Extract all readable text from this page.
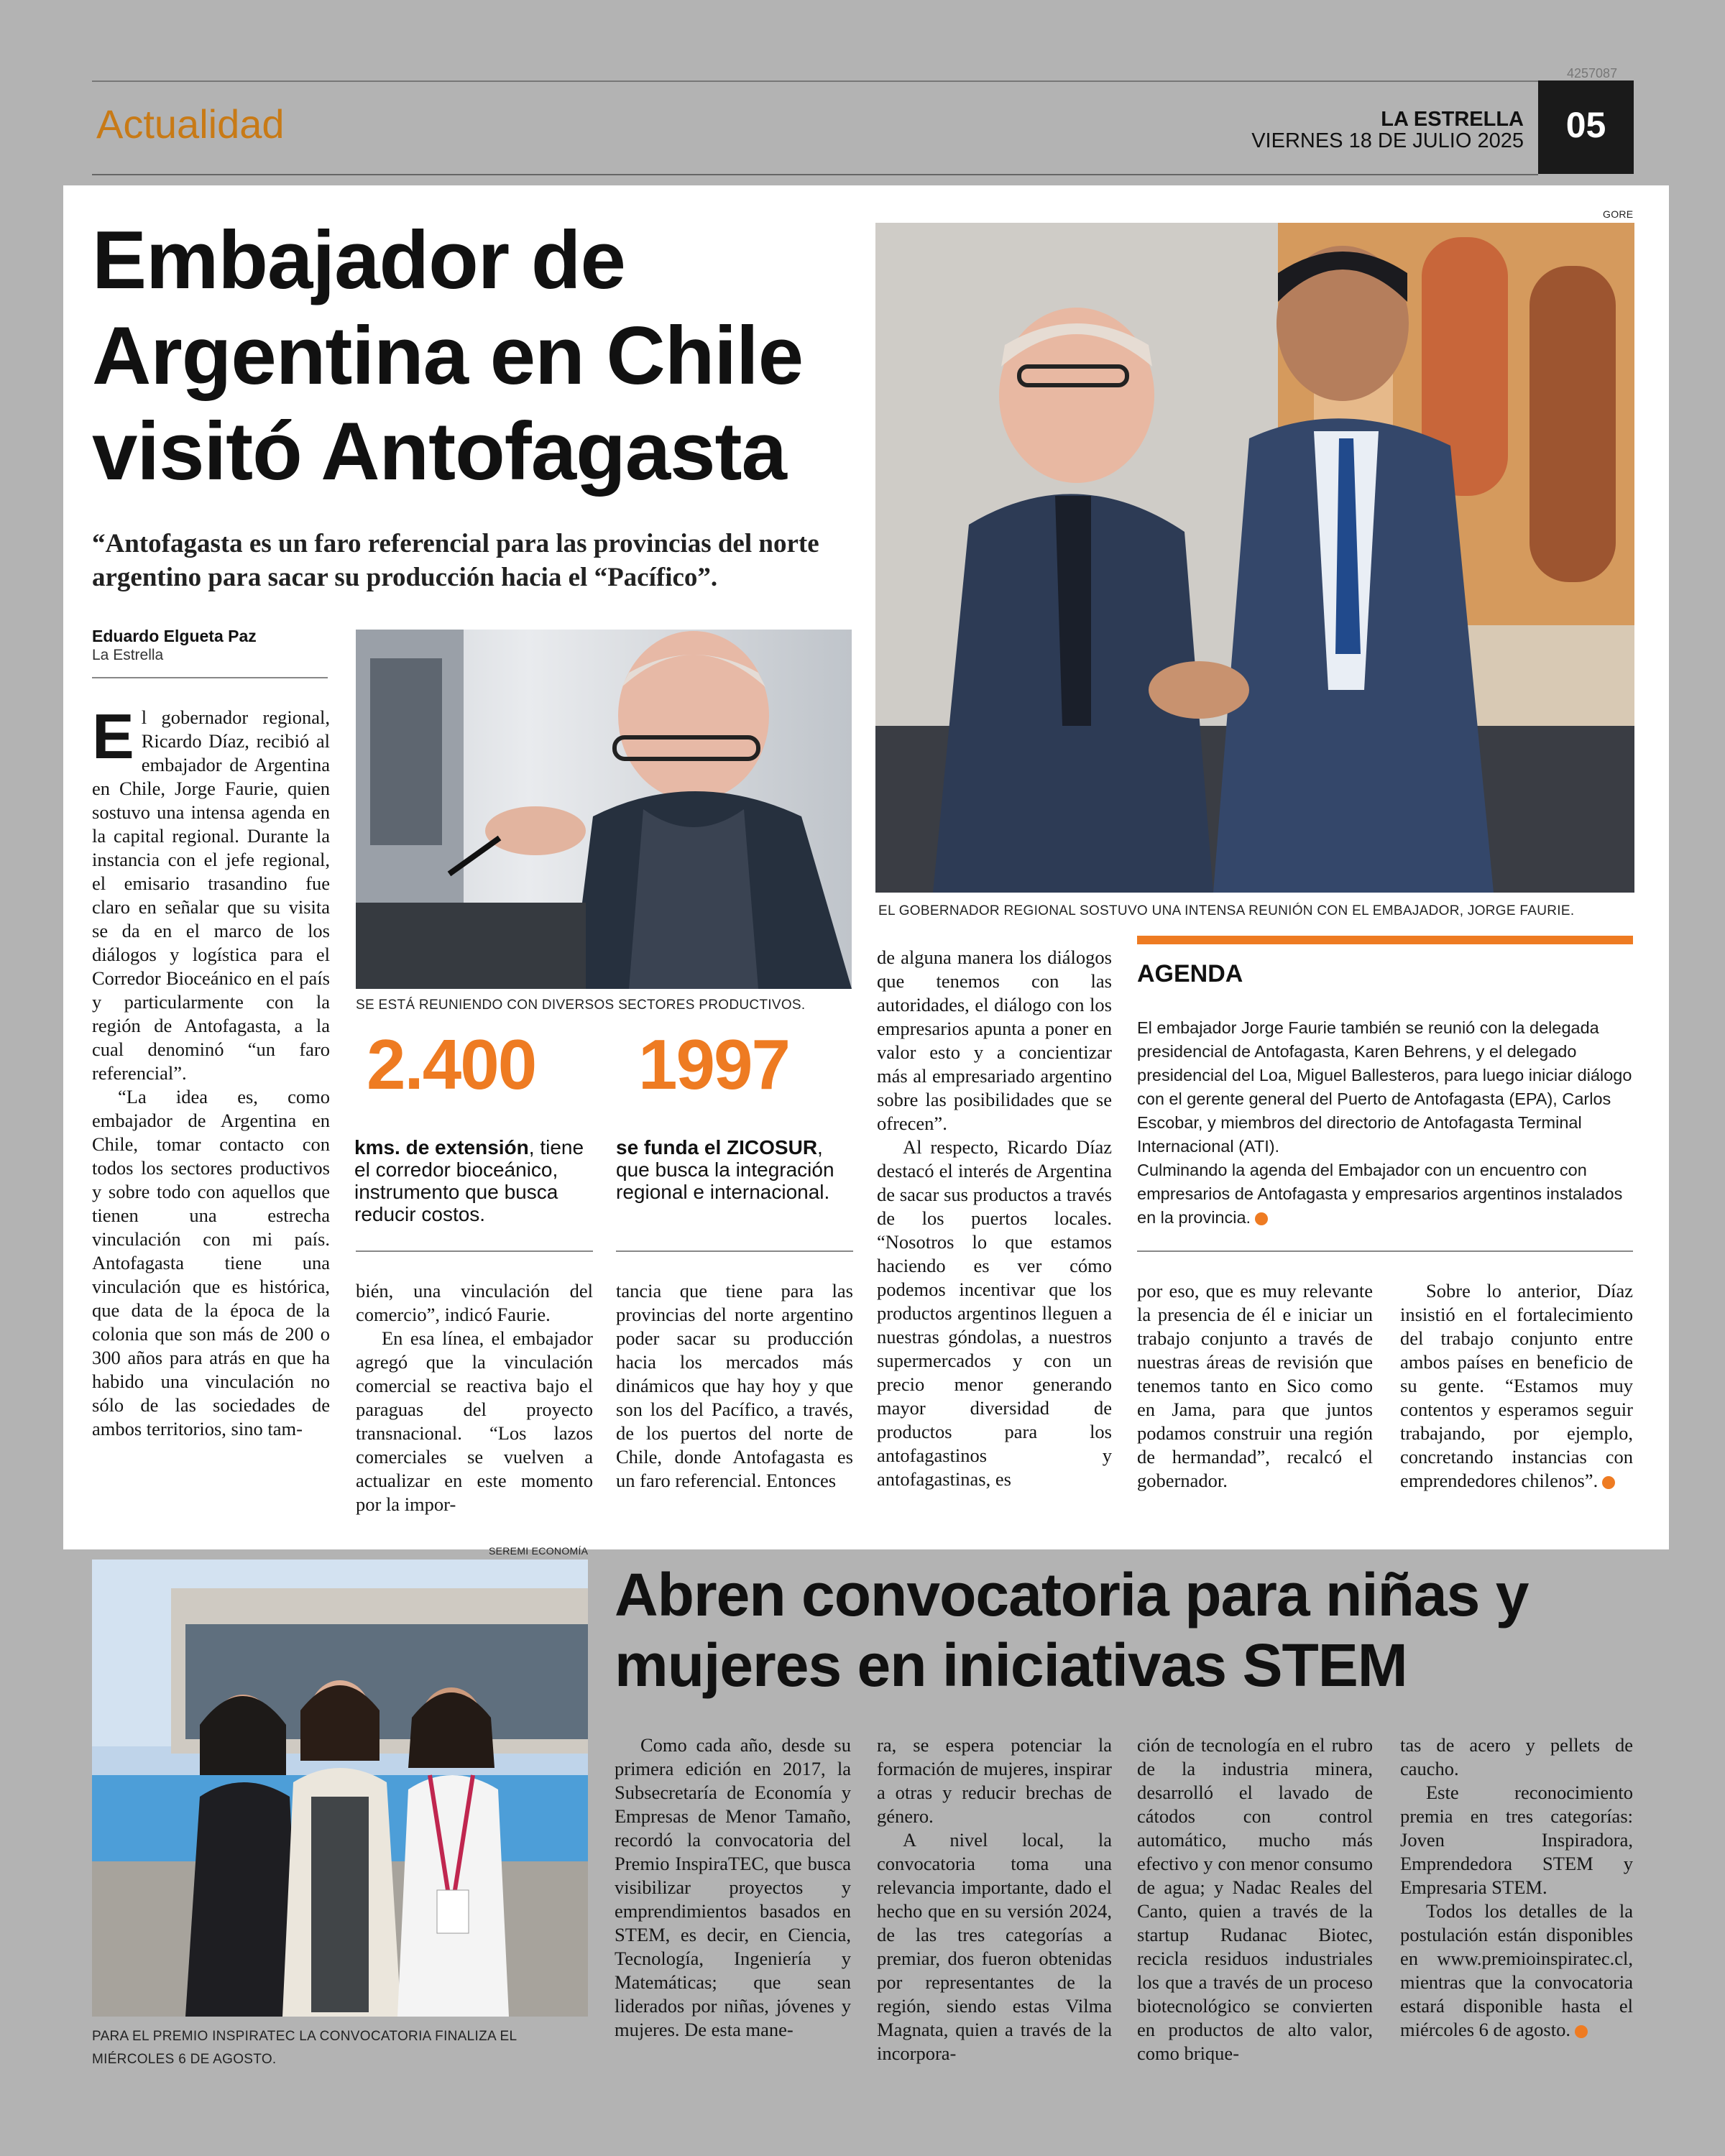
4257087
Actualidad	LA ESTRELLA
VIERNES 18 DE JULIO 2025	05
Embajador de
Argentina en Chile
visitó Antofagasta
“Antofagasta es un faro referencial para las provincias del norte argentino para sacar su producción hacia el “Pacífico”.
Eduardo Elgueta Paz
La Estrella
SE ESTÁ REUNIENDO CON DIVERSOS SECTORES PRODUCTIVOS.
GORE
EL GOBERNADOR REGIONAL SOSTUVO UNA INTENSA REUNIÓN CON EL EMBAJADOR, JORGE FAURIE.
2.400 1997
kms. de extensión, tiene el corredor bioceánico, instrumento que busca reducir costos.
se funda el ZICOSUR, que busca la integración regional e internacional.

El gobernador regional, Ricardo Díaz, recibió al embajador de Argentina en Chile, Jorge Faurie, quien sostuvo una intensa agenda en la capital regional. Durante la instancia con el jefe regional, el emisario trasandino fue claro en señalar que su visita se da en el marco de los diálogos y logística para el Corredor Bioceánico en el país y particularmente con la región de Antofagasta, a la cual denominó “un faro referencial”.

“La idea es, como embajador de Argentina en Chile, tomar contacto con todos los sectores productivos y sobre todo con aquellos que tienen una estrecha vinculación con mi país. Antofagasta tiene una vinculación que es histórica, que data de la época de la colonia que son más de 200 o 300 años para atrás en que ha habido una vinculación no sólo de las sociedades de ambos territorios, sino tam-

bién, una vinculación del comercio”, indicó Faurie.

En esa línea, el embajador agregó que la vinculación comercial se reactiva bajo el paraguas del proyecto transnacional. “Los lazos comerciales se vuelven a actualizar en este momento por la impor-

tancia que tiene para las provincias del norte argentino poder sacar su producción hacia los mercados más dinámicos que hay hoy y que son los del Pacífico, a través, de los puertos del norte de Chile, donde Antofagasta es un faro referencial. Entonces

de alguna manera los diálogos que tenemos con las autoridades, el diálogo con los empresarios apunta a poner en valor esto y a concientizar más al empresariado argentino sobre las posibilidades que se ofrecen”.

Al respecto, Ricardo Díaz destacó el interés de Argentina de sacar sus productos a través de los puertos locales. “Nosotros lo que estamos haciendo es ver cómo podemos incentivar que los productos argentinos lleguen a nuestras góndolas, a nuestros supermercados y con un precio menor generando mayor diversidad de productos para los antofagastinos y antofagastinas, es

AGENDA
El embajador Jorge Faurie también se reunió con la delegada presidencial de Antofagasta, Karen Behrens, y el delegado presidencial del Loa, Miguel Ballesteros, para luego iniciar diálogo con el gerente general del Puerto de Antofagasta (EPA), Carlos Escobar, y miembros del directorio de Antofagasta Terminal Internacional (ATI).
Culminando la agenda del Embajador con un encuentro con empresarios de Antofagasta y empresarios argentinos instalados en la provincia.

por eso, que es muy relevante la presencia de él e iniciar un trabajo conjunto a través de nuestras áreas de revisión que tenemos tanto en Sico como en Jama, para que juntos podamos construir una región de hermandad”, recalcó el gobernador.

Sobre lo anterior, Díaz insistió en el fortalecimiento del trabajo conjunto entre ambos países en beneficio de su gente. “Estamos muy contentos y esperamos seguir trabajando, por ejemplo, concretando instancias con emprendedores chilenos”.

SEREMI ECONOMÍA
PARA EL PREMIO INSPIRATEC LA CONVOCATORIA FINALIZA EL
MIÉRCOLES 6 DE AGOSTO.
Abren convocatoria para niñas y
mujeres en iniciativas STEM

Como cada año, desde su primera edición en 2017, la Subsecretaría de Economía y Empresas de Menor Tamaño, recordó la convocatoria del Premio InspiraTEC, que busca visibilizar proyectos y emprendimientos basados en STEM, es decir, en Ciencia, Tecnología, Ingeniería y Matemáticas; que sean liderados por niñas, jóvenes y mujeres. De esta mane-

ra, se espera potenciar la formación de mujeres, inspirar a otras y reducir brechas de género.

A nivel local, la convocatoria toma una relevancia importante, dado el hecho que en su versión 2024, de las tres categorías a premiar, dos fueron obtenidas por representantes de la región, siendo estas Vilma Magnata, quien a través de la incorpora-

ción de tecnología en el rubro de la industria minera, desarrolló el lavado de cátodos con control automático, mucho más efectivo y con menor consumo de agua; y Nadac Reales del Canto, quien a través de la startup Rudanac Biotec, recicla residuos industriales los que a través de un proceso biotecnológico se convierten en productos de alto valor, como brique-

tas de acero y pellets de caucho.

Este reconocimiento premia en tres categorías: Joven Inspiradora, Emprendedora STEM y Empresaria STEM.

Todos los detalles de la postulación están disponibles en www.premioinspiratec.cl, mientras que la convocatoria estará disponible hasta el miércoles 6 de agosto.
